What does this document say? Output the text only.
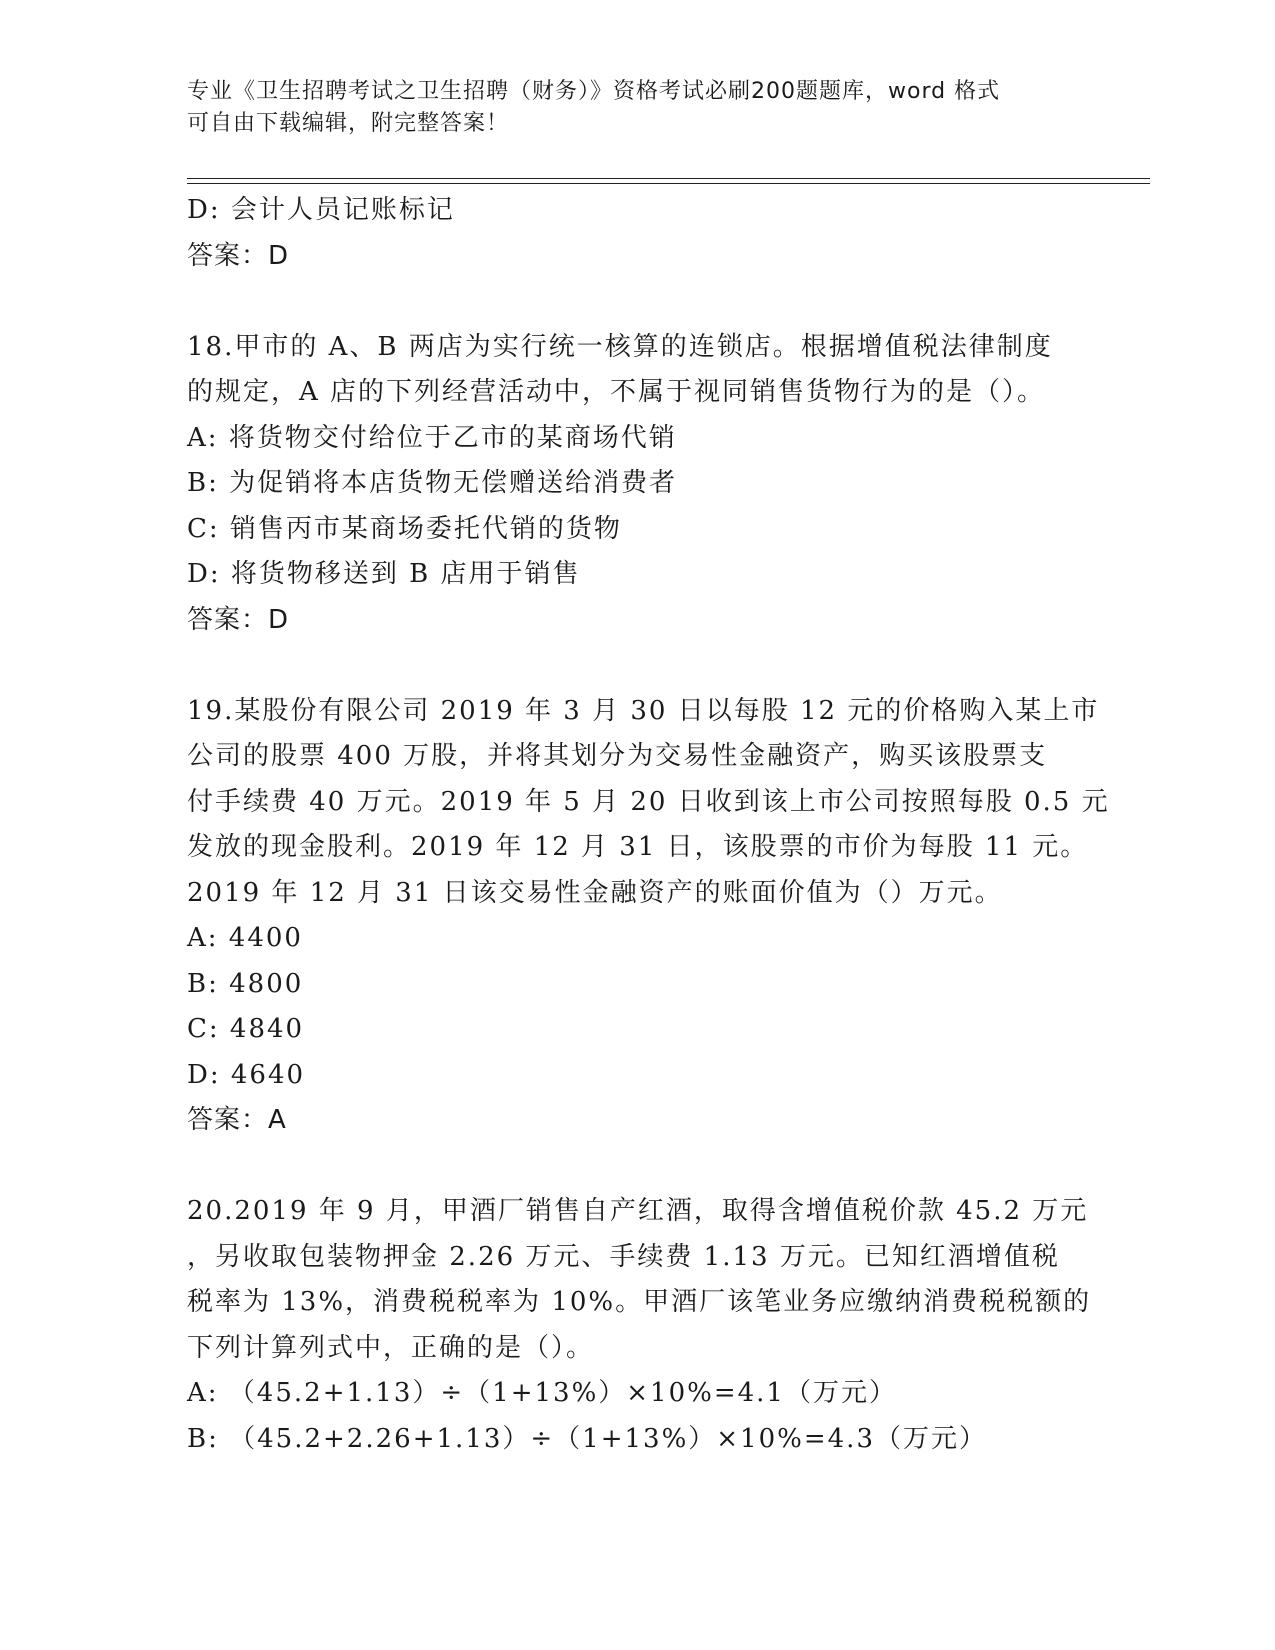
专业《卫生招聘考试之卫生招聘（财务）》资格考试必刷200题题库，word 格式
可自由下载编辑，附完整答案！
D: 会计人员记账标记
答案：D
18.甲市的 A、B 两店为实行统一核算的连锁店。根据增值税法律制度
的规定，A 店的下列经营活动中，不属于视同销售货物行为的是（）。
A: 将货物交付给位于乙市的某商场代销
B: 为促销将本店货物无偿赠送给消费者
C: 销售丙市某商场委托代销的货物
D: 将货物移送到 B 店用于销售
答案：D
19.某股份有限公司 2019 年 3 月 30 日以每股 12 元的价格购入某上市
公司的股票 400 万股，并将其划分为交易性金融资产，购买该股票支
付手续费 40 万元。2019 年 5 月 20 日收到该上市公司按照每股 0.5 元
发放的现金股利。2019 年 12 月 31 日，该股票的市价为每股 11 元。
2019 年 12 月 31 日该交易性金融资产的账面价值为（）万元。
A: 4400
B: 4800
C: 4840
D: 4640
答案：A
20.2019 年 9 月，甲酒厂销售自产红酒，取得含增值税价款 45.2 万元
，另收取包装物押金 2.26 万元、手续费 1.13 万元。已知红酒增值税
税率为 13%，消费税税率为 10%。甲酒厂该笔业务应缴纳消费税税额的
下列计算列式中，正确的是（）。
A: （45.2+1.13）÷（1+13%）×10%=4.1（万元）
B: （45.2+2.26+1.13）÷（1+13%）×10%=4.3（万元）
